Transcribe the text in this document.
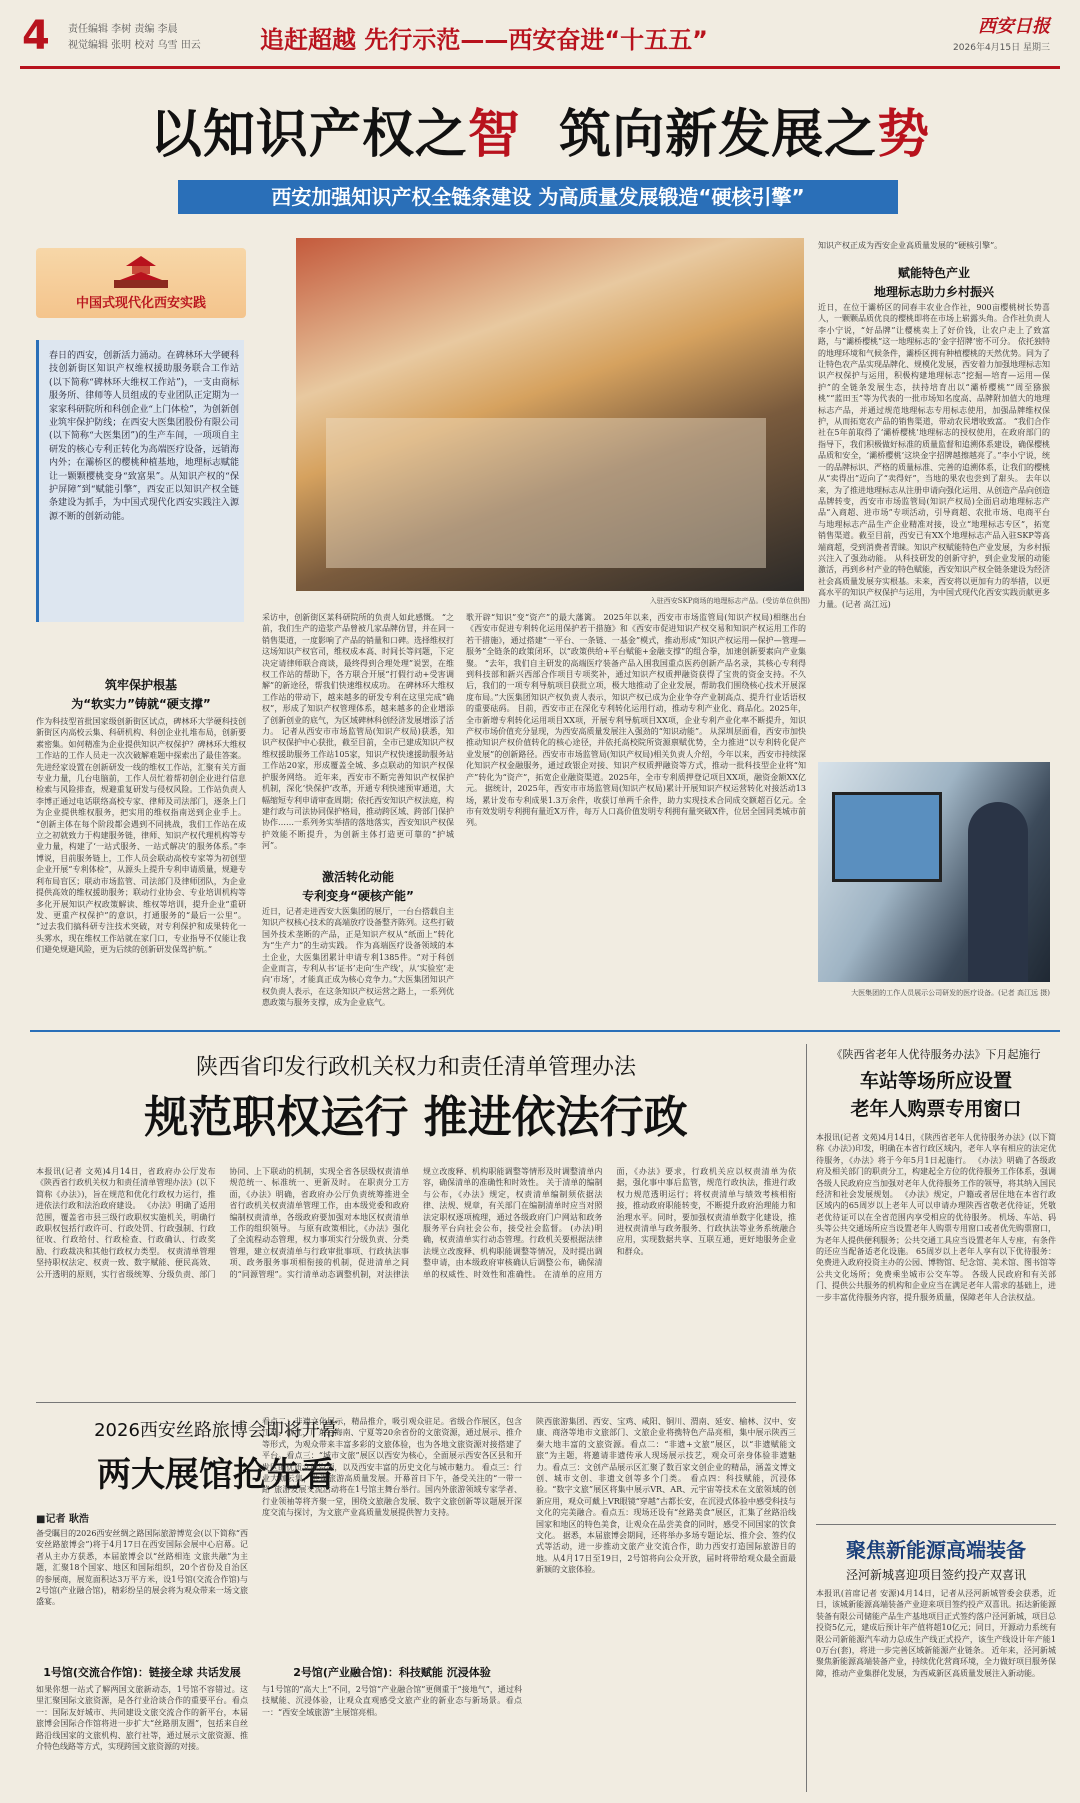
4	责任编辑 李树 责编 李晨
视觉编辑 张明 校对 乌雪 田云	追赶超越 先行示范——西安奋进“十五五”	西安日报
2026年4月15日 星期三
以知识产权之智 筑向新发展之势
西安加强知识产权全链条建设 为高质量发展锻造“硬核引擎”
中国式现代化西安实践
春日的西安，创新活力涌动。在碑林环大学硬科技创新街区知识产权维权援助服务联合工作站(以下简称“碑林环大维权工作站”)，一支由商标服务所、律师等人员组成的专业团队正定期为一家家科研院所和科创企业“上门体检”，为创新创业筑牢保护防线；在西安大医集团股份有限公司(以下简称“大医集团”)的生产车间，一项项自主研发的核心专利正转化为高端医疗设备，远销海内外；在灞桥区的樱桃种植基地，地理标志赋能让一颗颗樱桃变身“致富果”。从知识产权的“保护屏障”到“赋能引擎”，西安正以知识产权全链条建设为抓手，为中国式现代化西安实践注入源源不断的创新动能。
入驻西安SKP商场的地理标志产品。(受访单位供图)
筑牢保护根基
为“软实力”铸就“硬支撑”
作为科技型首批国家级创新街区试点，碑林环大学硬科技创新街区内高校云集、科研机构、科创企业扎堆布局，创新要素密集。如何精准为企业提供知识产权保护？碑林环大维权工作站的工作人员走一次次破解难题中探索出了最佳答案。 先进经家设置在创新研发一线的维权工作站，汇聚有关方面专业力量，几台电脑前，工作人员忙着帮初创企业进行信息检索与风险排查，规避重复研发与侵权风险。工作站负责人李博正通过电话联络高校专家、律师及司法部门，逐条上门为企业提供维权服务，把实用的维权指南送到企业手上。 “创新主体在每个阶段都会遇到不同挑战，我们工作站在成立之初就致力于构建服务链，律师、知识产权代理机构等专业力量，构建了‘一站式服务、一站式解决’的服务体系。”李博说，目前服务链上，工作人员会联动高校专家等为初创型企业开展“专利体检”，从源头上提升专利申请质量，规避专利布局盲区；联动市场监管、司法部门及律师团队，为企业提供高效的维权援助服务；联动行业协会、专业培训机构等多化开展知识产权政策解读、维权等培训，提升企业“重研发、更重产权保护”的意识，打通服务的“最后一公里”。 “过去我们搞科研专注技术突破，对专利保护和成果转化一头雾水，现在维权工作站就在家门口，专业指导不仅能让我们避免规避风险，更为后续的创新研发保驾护航。”
采访中，创新街区某科研院所的负责人如此感慨。 “之前，我们生产的造浆产品曾被几家品牌仿冒，并在同一销售渠道，一度影响了产品的销量和口碑。选择维权打这场知识产权官司，维权成本高、时间长等问题，下定决定请律师联合商谈，最终得到合理处理”说罢，在维权工作站的帮助下，各方联合开展“打假行动+受害调解”的新途径，帮我们快速维权成功。 在碑林环大维权工作站的带动下，越来越多的研发专利在这里完成“确权”，形成了知识产权管理体系，越来越多的企业增添了创新创业的底气，为区域碑林科创经济发展增添了活力。 记者从西安市市场监管局(知识产权局)获悉，知识产权保护中心获批，截至目前，全市已建成知识产权维权援助服务工作站105家，知识产权快速援助服务站工作站20家，形成覆盖全城、多点联动的知识产权保护服务网络。 近年来，西安市不断完善知识产权保护机制，深化‘快保护’改革，开通专利快速预审通道，大幅缩短专利申请审查周期；依托西安知识产权法庭，构建行政与司法协同保护格局，推动跨区域、跨部门保护协作……一系列务实举措的落地落实，西安知识产权保护效能不断提升，为创新主体打造更可靠的“护城河”。
激活转化动能
专利变身“硬核产能”
近日，记者走进西安大医集团的展厅，一台台搭载自主知识产权核心技术的高端放疗设备整齐陈列。这些打破国外技术垄断的产品，正是知识产权从“纸面上”转化为“生产力”的生动实践。 作为高端医疗设备领域的本土企业，大医集团累计申请专利1385件。“对于科创企业而言，专利从书‘证书’走向‘生产线’，从‘实验室’走向‘市场’，才能真正成为核心竞争力。”大医集团知识产权负责人表示，在这条知识产权运营之路上，一系列优惠政策与服务支撑，成为企业底气。
歌开辟“知识”变“资产”的最大藩篱。 2025年以来，西安市市场监管局(知识产权局)相继出台《西安市促进专利转化运用保护若干措施》和《西安市促进知识产权交易和知识产权运用工作的若干措施》，通过搭建“一平台、一条链、一基金”模式，推动形成“知识产权运用—保护—管理—服务”全链条的政策闭环，以“政策供给+平台赋能+金融支撑”的组合拳，加速创新要素向产业集聚。 “去年，我们自主研发的高端医疗装备产品入围我国重点医药创新产品名录，其核心专利得到科技部和新兴西部合作项目专项奖补，通过知识产权质押融资获得了宝贵的资金支持。不久后，我们的一项专利导航项目获批立项，极大地推动了企业发展，帮助我们围绕核心技术开展深度布局。”大医集团知识产权负责人表示，知识产权已成为企业争夺产业制高点、提升行业话语权的重要砝码。 目前，西安市正在深化专利转化运用行动，推动专利产业化、商品化。2025年，全市新增专利转化运用项目XX项，开展专利导航项目XX项，企业专利产业化率不断提升，知识产权市场价值充分显现，为西安高质量发展注入强劲的“知识动能”。 从深圳层面看，西安市加快推动知识产权价值转化的核心途径，并依托高校院所资源禀赋优势，全力推进“以专利转化促产业发展”的创新路径。西安市市场监管局(知识产权局)相关负责人介绍，今年以来，西安市持续深化知识产权金融服务，通过政银企对接、知识产权质押融资等方式，推动一批科技型企业将“知产”转化为“资产”，拓宽企业融资渠道。2025年，全市专利质押登记项目XX项，融资金额XX亿元。 据统计，2025年，西安市市场监管局(知识产权局)累计开展知识产权运营转化对接活动13场，累计发布专利成果1.3万余件，收获订单两千余件，助力实现技术合同成交额超百亿元。全市有效发明专利拥有量近X万件，每万人口高价值发明专利拥有量突破X件，位居全国同类城市前列。
知识产权正成为西安企业高质量发展的“硬核引擎”。
赋能特色产业
地理标志助力乡村振兴
近日，在位于灞桥区的同春丰农业合作社，900亩樱桃树长势喜人，一颗颗品质优良的樱桃即将在市场上崭露头角。合作社负责人李小宁说，“好品牌”让樱桃卖上了好价钱，让农户走上了致富路，与“灞桥樱桃”这一地理标志的‘金字招牌’密不可分。 依托独特的地理环境和气候条件，灞桥区拥有种植樱桃的天然优势。同为了让特色农产品实现品牌化、规模化发展，西安着力加强地理标志知识产权保护与运用，积极构建地理标志“挖掘—培育—运用—保护”的全链条发展生态，扶持培育出以“灞桥樱桃”“周至猕猴桃”“蓝田玉”等为代表的一批市场知名度高、品牌附加值大的地理标志产品，并通过规范地理标志专用标志使用，加强品牌维权保护，从而拓宽农产品的销售渠道，带动农民增收致富。 “我们合作社在5年前取得了‘灞桥樱桃’地理标志的授权使用，在政府部门的指导下，我们积极做好标准的质量监督和追溯体系建设，确保樱桃品质和安全，‘灞桥樱桃’这块金字招牌越擦越亮了。”李小宁说，统一的品牌标识、严格的质量标准、完善的追溯体系，让我们的樱桃从“卖得出”迈向了“卖得好”，当地的果农也尝到了甜头。 去年以来，为了推进地理标志从注册申请向强化运用、从创造产品向创造品牌转变，西安市市场监管局(知识产权局)全面启动地理标志产品“入商超、进市场”专项活动，引导商超、农批市场、电商平台与地理标志产品生产企业精准对接，设立“地理标志专区”，拓宽销售渠道。截至目前，西安已有XX个地理标志产品入驻SKP等高端商超，受到消费者青睐。知识产权赋能特色产业发展，为乡村振兴注入了强劲动能。 从科技研发的创新守护，到企业发展的动能激活，再到乡村产业的特色赋能，西安知识产权全链条建设为经济社会高质量发展夯实根基。未来，西安将以更加有力的举措，以更高水平的知识产权保护与运用，为中国式现代化西安实践贡献更多力量。(记者 高江远)
大医集团的工作人员展示公司研发的医疗设备。(记者 高江远 摄)
陕西省印发行政机关权力和责任清单管理办法
规范职权运行 推进依法行政
本报讯(记者 文苑)4月14日，省政府办公厅发布《陕西省行政机关权力和责任清单管理办法》(以下简称《办法》)，旨在规范和优化行政权力运行，推进依法行政和法治政府建设。 《办法》明确了适用范围，覆盖省市县三级行政职权实施机关，明确行政职权包括行政许可、行政处罚、行政强制、行政征收、行政给付、行政检查、行政确认、行政奖励、行政裁决和其他行政权力类型。 权责清单管理坚持职权法定、权责一致、数字赋能、便民高效、公开透明的原则，实行省级统筹、分级负责、部门协同、上下联动的机制，实现全省各层级权责清单规范统一、标准统一、更新及时。 在职责分工方面，《办法》明确，省政府办公厅负责统筹推进全省行政机关权责清单管理工作，由本级党委和政府编制权责清单，各级政府要加强对本地区权责清单工作的组织领导。 与原有政策相比，《办法》强化了全流程动态管理，权力事项实行分级负责、分类管理，建立权责清单与行政审批事项、行政执法事项、政务服务事项相衔接的机制，促进清单之间的“同源管理”。实行清单动态调整机制，对法律法规立改废释、机构职能调整等情形及时调整清单内容，确保清单的准确性和时效性。 关于清单的编制与公布，《办法》规定，权责清单编制须依据法律、法规、规章，有关部门在编制清单时应当对照法定职权逐项梳理，通过各级政府门户网站和政务服务平台向社会公布，接受社会监督。 (办法)明确，权责清单实行动态管理。行政机关要根据法律法规立改废释、机构职能调整等情况，及时提出调整申请，由本级政府审核确认后调整公布，确保清单的权威性、时效性和准确性。 在清单的应用方面，《办法》要求，行政机关应以权责清单为依据，强化事中事后监管，规范行政执法，推进行政权力规范透明运行；将权责清单与绩效考核相衔接，推动政府职能转变，不断提升政府治理能力和治理水平。同时，要加强权责清单数字化建设，推进权责清单与政务服务、行政执法等业务系统融合应用，实现数据共享、互联互通，更好地服务企业和群众。
2026西安丝路旅博会即将开幕
两大展馆抢先看
■记者 耿浩
备受瞩目的2026西安丝绸之路国际旅游博览会(以下简称“西安丝路旅博会”)将于4月17日在西安国际会展中心启幕。记者从主办方获悉，本届旅博会以“丝路相连 文旅共融”为主题，汇聚18个国家、地区和国际组织，20个省份及自治区的参展商，展览面积达3万平方米，设1号馆(交流合作馆)与2号馆(产业融合馆)，精彩纷呈的展会将为观众带来一场文旅盛宴。
1号馆(交流合作馆)：链接全球 共话发展
如果你想一站式了解两国文旅新动态，1号馆不容错过。这里汇聚国际文旅资源，是各行业洽谈合作的重要平台。看点一：国际友好城市、共同建设文旅交流合作的新平台，本届旅博会国际合作馆将进一步扩大“丝路朋友圈”，包括来自丝路沿线国家的文旅机构、旅行社等，通过展示文旅资源、推介特色线路等方式，实现跨国文旅资源的对接。
看点二：非遗文化展示，精品推介，吸引观众驻足。省级合作展区，包含江苏、浙江、广东、海南、宁夏等20余省份的文旅资源，通过展示、推介等形式，为观众带来丰富多彩的文旅体验，也为各地文旅资源对接搭建了平台。看点三：“城市文旅”展区以西安为核心，全面展示西安各区县和开发区的优质文旅资源，以及西安丰富的历史文化与城市魅力。 看点三：行业大咖云集，共谋旅游高质量发展。开幕首日下午，备受关注的“一带一路”旅游发展交流活动将在1号馆主舞台举行。国内外旅游领域专家学者、行业领袖等将齐聚一堂，围绕文旅融合发展、数字文旅创新等议题展开深度交流与探讨，为文旅产业高质量发展提供智力支持。
2号馆(产业融合馆)：科技赋能 沉浸体验
与1号馆的“高大上”不同，2号馆“产业融合馆”更侧重于“接地气”，通过科技赋能、沉浸体验，让观众直观感受文旅产业的新业态与新场景。看点一：“西安全域旅游”主展馆亮相。
陕西旅游集团、西安、宝鸡、咸阳、铜川、渭南、延安、榆林、汉中、安康、商洛等地市文旅部门、文旅企业将携特色产品亮相，集中展示陕西三秦大地丰富的文旅资源。看点二：“非遗+文旅”展区，以“非遗赋能文旅”为主题，将邀请非遗传承人现场展示技艺，观众可亲身体验非遗魅力。看点三：文创产品展示区汇聚了数百家文创企业的精品，涵盖文博文创、城市文创、非遗文创等多个门类。 看点四：科技赋能，沉浸体验。“数字文旅”展区将集中展示VR、AR、元宇宙等技术在文旅领域的创新应用，观众可戴上VR眼镜“穿越”古都长安，在沉浸式体验中感受科技与文化的完美融合。看点五：现场还设有“丝路美食”展区，汇集了丝路沿线国家和地区的特色美食，让观众在品尝美食的同时，感受不同国家的饮食文化。 据悉，本届旅博会期间，还将举办多场专题论坛、推介会、签约仪式等活动，进一步推动文旅产业交流合作，助力西安打造国际旅游目的地。从4月17日至19日，2号馆将向公众开放，届时将带给观众最全面最新颖的文旅体验。
《陕西省老年人优待服务办法》下月起施行
车站等场所应设置
老年人购票专用窗口
本报讯(记者 文苑)4月14日，《陕西省老年人优待服务办法》(以下简称《办法》)印发，明确在本省行政区域内，老年人享有相应的法定优待服务，《办法》将于今年5月1日起施行。 《办法》明确了各级政府及相关部门的职责分工，构建起全方位的优待服务工作体系，强调各级人民政府应当加强对老年人优待服务工作的领导，将其纳入国民经济和社会发展规划。 《办法》规定，户籍或者居住地在本省行政区域内的65周岁以上老年人可以申请办理陕西省敬老优待证，凭敬老优待证可以在全省范围内享受相应的优待服务。 机场、车站、码头等公共交通场所应当设置老年人购票专用窗口或者优先购票窗口，为老年人提供便利服务；公共交通工具应当设置老年人专座，有条件的还应当配备适老化设施。 65周岁以上老年人享有以下优待服务：免费进入政府投资主办的公园、博物馆、纪念馆、美术馆、图书馆等公共文化场所；免费乘坐城市公交车等。 各级人民政府和有关部门、提供公共服务的机构和企业应当在满足老年人需求的基础上，进一步丰富优待服务内容，提升服务质量，保障老年人合法权益。
聚焦新能源高端装备
泾河新城喜迎项目签约投产双喜讯
本报讯(首席记者 安源)4月14日，记者从泾河新城管委会获悉，近日，该城新能源高端装备产业迎来项目签约投产双喜讯。拓达新能源装备有限公司储能产品生产基地项目正式签约落户泾河新城，项目总投资5亿元，建成后预计年产值将超10亿元；同日，开源动力系统有限公司新能源汽车动力总成生产线正式投产，该生产线设计年产能10万台(套)，将进一步完善区域新能源产业链条。 近年来，泾河新城聚焦新能源高端装备产业，持续优化营商环境，全力做好项目服务保障，推动产业集群化发展，为西咸新区高质量发展注入新动能。
